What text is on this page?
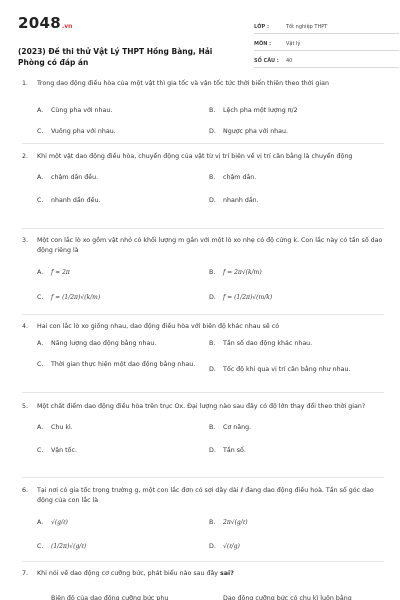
2048 .vn
(2023) Đề thi thử Vật Lý THPT Hồng Bàng, Hải Phòng có đáp án
LỚP :	Tốt nghiệp THPT
MÔN :	Vật lý
SỐ CÂU :	40
1.	Trong dao động điều hòa của một vật thì gia tốc và vận tốc tức thời biến thiên theo thời gian
A.	Cùng pha với nhau.	B.	Lệch pha một lượng π/2
C.	Vuông pha với nhau.	D.	Ngược pha với nhau.
2.	Khi một vật dao động điều hòa, chuyển động của vật từ vị trí biên về vị trí cân bằng là chuyển động
A.	chậm dần đều.	B.	chậm dần.
C.	nhanh dần đều.	D.	nhanh dần.
3.	Một con lắc lò xo gồm vật nhỏ có khối lượng m gắn với một lò xo nhẹ có độ cứng k. Con lắc này có tần số dao động riêng là
A.	f = 2π	B.	f = 2π√(k/m)
C.	f = (1/2π)√(k/m)	D.	f = (1/2π)√(m/k)
4.	Hai con lắc lò xo giống nhau, dao động điều hòa với biên độ khác nhau sẽ có
A.	Năng lượng dao động bằng nhau.	B.	Tần số dao động khác nhau.
C.	Thời gian thực hiện một dao động bằng nhau.
D.	Tốc độ khi qua vị trí cân bằng như nhau.
5.	Một chất điểm dao động điều hòa trên trục Ox. Đại lượng nào sau đây có độ lớn thay đổi theo thời gian?
A.	Chu kì.	B.	Cơ năng.
C.	Vận tốc.	D.	Tần số.
6.	Tại nơi có gia tốc trọng trường g, một con lắc đơn có sợi dây dài ℓ đang dao động điều hoà. Tần số góc dao động của con lắc là
A.	√(g/ℓ)	B.	2π√(g/ℓ)
C.	(1/2π)√(g/ℓ)	D.	√(ℓ/g)
7.	Khi nói về dao động cơ cưỡng bức, phát biểu nào sau đây sai?
Biên độ của dao động cưỡng bức phụ	Dao động cưỡng bức có chu kì luôn bằng
